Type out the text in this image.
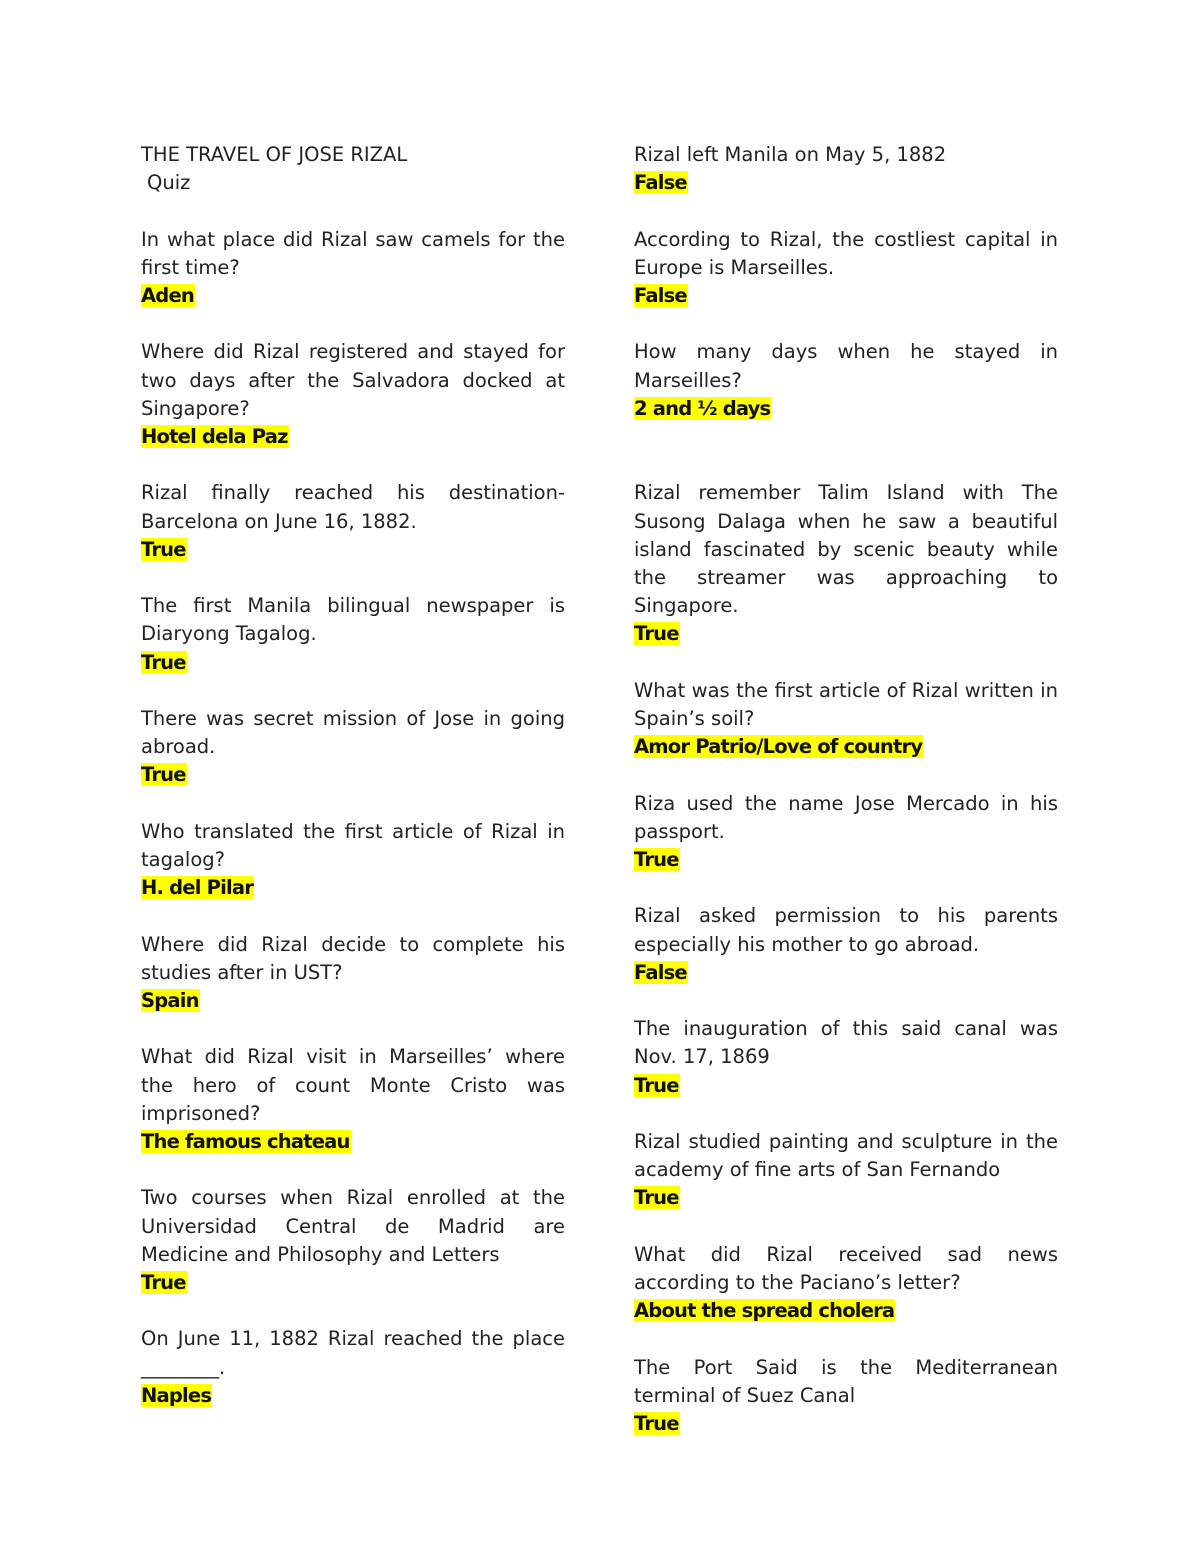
THE TRAVEL OF JOSE RIZAL

Quiz

In what place did Rizal saw camels for the first time?

Aden

Where did Rizal registered and stayed for two days after the Salvadora docked at Singapore?

Hotel dela Paz

Rizal finally reached his destination- Barcelona on June 16, 1882.

True

The first Manila bilingual newspaper is Diaryong Tagalog.

True

There was secret mission of Jose in going abroad.

True

Who translated the first article of Rizal in tagalog?

H. del Pilar

Where did Rizal decide to complete his studies after in UST?

Spain

What did Rizal visit in Marseilles’ where the hero of count Monte Cristo was imprisoned?

The famous chateau

Two courses when Rizal enrolled at the Universidad Central de Madrid are Medicine and Philosophy and Letters

True

On June 11, 1882 Rizal reached the place ________.

Naples

Rizal left Manila on May 5, 1882

False

According to Rizal, the costliest capital in Europe is Marseilles.

False

How many days when he stayed in Marseilles?

2 and ½ days

Rizal remember Talim Island with The Susong Dalaga when he saw a beautiful island fascinated by scenic beauty while the streamer was approaching to Singapore.

True

What was the first article of Rizal written in Spain’s soil?

Amor Patrio/Love of country

Riza used the name Jose Mercado in his passport.

True

Rizal asked permission to his parents especially his mother to go abroad.

False

The inauguration of this said canal was Nov. 17, 1869

True

Rizal studied painting and sculpture in the academy of fine arts of San Fernando

True

What did Rizal received sad news according to the Paciano’s letter?

About the spread cholera

The Port Said is the Mediterranean terminal of Suez Canal

True
